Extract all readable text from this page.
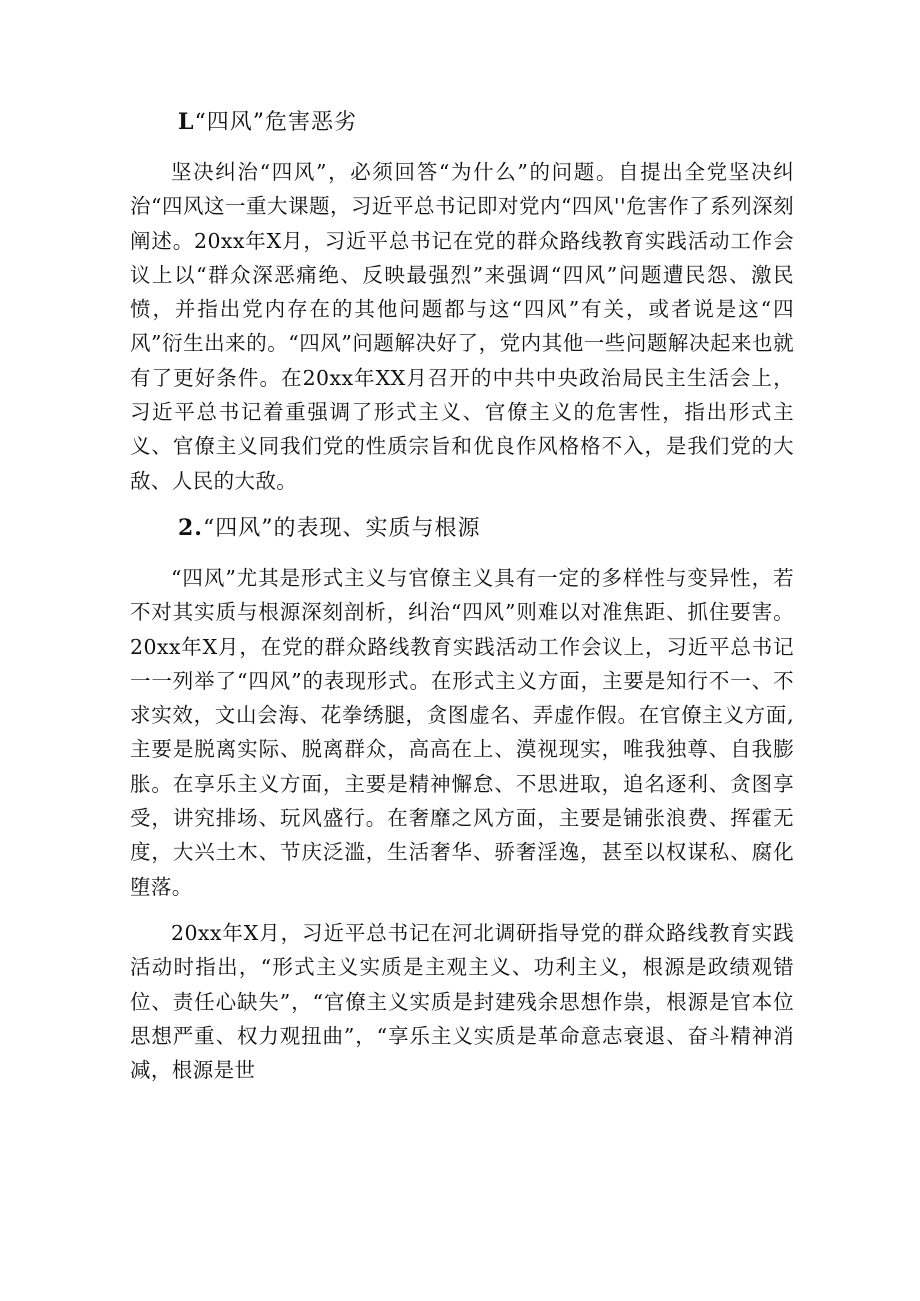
L“四风”危害恶劣

坚决纠治“四风”，必须回答“为什么”的问题。自提出全党坚决纠治“四风这一重大课题，习近平总书记即对党内“四风''危害作了系列深刻阐述。20xx年X月，习近平总书记在党的群众路线教育实践活动工作会议上以“群众深恶痛绝、反映最强烈”来强调“四风”问题遭民怨、激民愤，并指出党内存在的其他问题都与这“四风”有关，或者说是这“四风”衍生出来的。“四风”问题解决好了，党内其他一些问题解决起来也就有了更好条件。在20xx年XX月召开的中共中央政治局民主生活会上，习近平总书记着重强调了形式主义、官僚主义的危害性，指出形式主义、官僚主义同我们党的性质宗旨和优良作风格格不入，是我们党的大敌、人民的大敌。

2.“四风”的表现、实质与根源

“四风”尤其是形式主义与官僚主义具有一定的多样性与变异性，若不对其实质与根源深刻剖析，纠治“四风”则难以对准焦距、抓住要害。20xx年X月，在党的群众路线教育实践活动工作会议上，习近平总书记一一列举了“四风”的表现形式。在形式主义方面，主要是知行不一、不求实效，文山会海、花拳绣腿，贪图虚名、弄虚作假。在官僚主义方面,主要是脱离实际、脱离群众，高高在上、漠视现实，唯我独尊、自我膨胀。在享乐主义方面，主要是精神懈怠、不思进取，追名逐利、贪图享受，讲究排场、玩风盛行。在奢靡之风方面，主要是铺张浪费、挥霍无度，大兴土木、节庆泛滥，生活奢华、骄奢淫逸，甚至以权谋私、腐化堕落。

20xx年X月，习近平总书记在河北调研指导党的群众路线教育实践活动时指出，“形式主义实质是主观主义、功利主义，根源是政绩观错位、责任心缺失”，“官僚主义实质是封建残余思想作祟，根源是官本位思想严重、权力观扭曲”，“享乐主义实质是革命意志衰退、奋斗精神消减，根源是世
